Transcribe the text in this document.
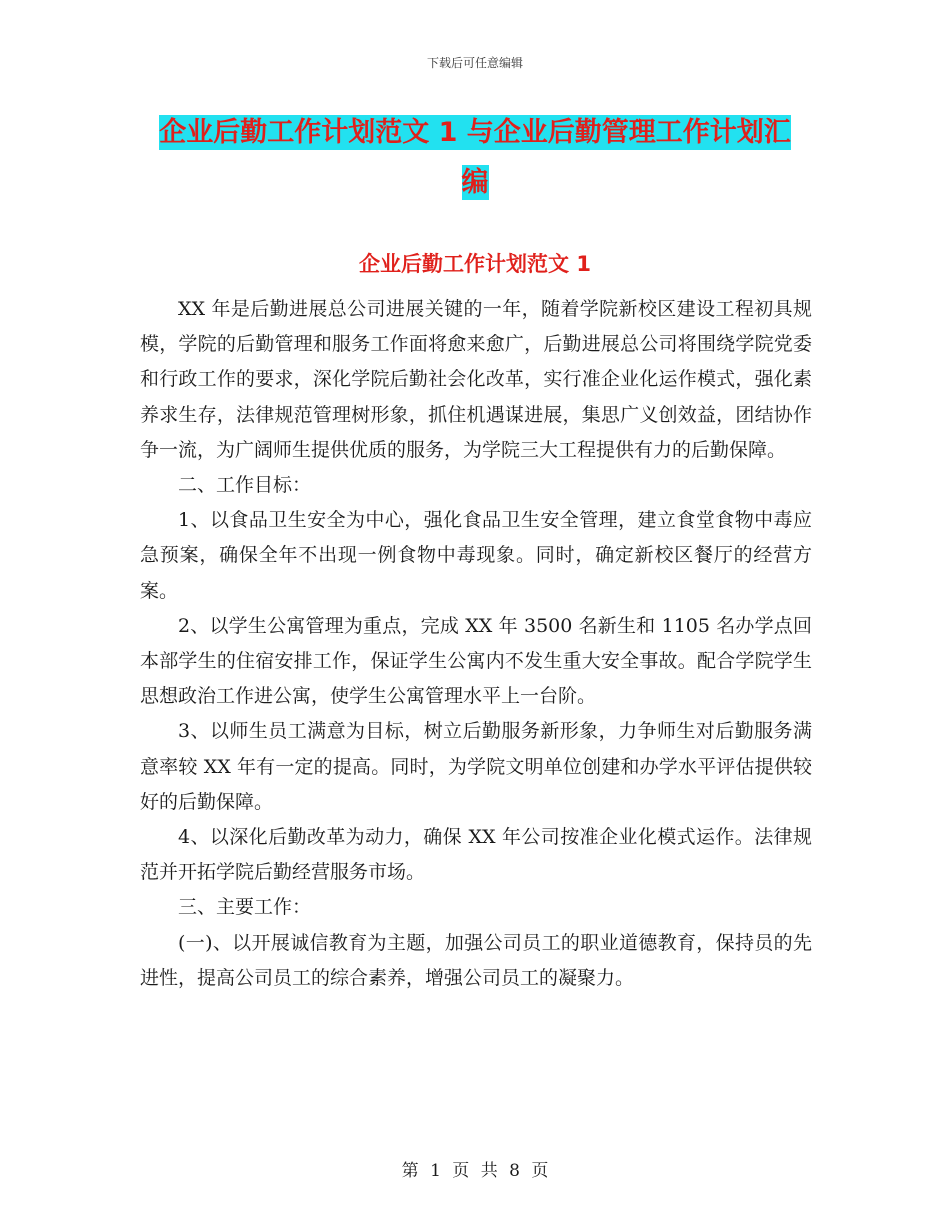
下载后可任意编辑
企业后勤工作计划范文 1 与企业后勤管理工作计划汇
编
企业后勤工作计划范文 1

XX 年是后勤进展总公司进展关键的一年，随着学院新校区建设工程初具规模，学院的后勤管理和服务工作面将愈来愈广，后勤进展总公司将围绕学院党委和行政工作的要求，深化学院后勤社会化改革，实行准企业化运作模式，强化素养求生存，法律规范管理树形象，抓住机遇谋进展，集思广义创效益，团结协作争一流，为广阔师生提供优质的服务，为学院三大工程提供有力的后勤保障。

二、工作目标：

1、以食品卫生安全为中心，强化食品卫生安全管理，建立食堂食物中毒应急预案，确保全年不出现一例食物中毒现象。同时，确定新校区餐厅的经营方案。

2、以学生公寓管理为重点，完成 XX 年 3500 名新生和 1105 名办学点回本部学生的住宿安排工作，保证学生公寓内不发生重大安全事故。配合学院学生思想政治工作进公寓，使学生公寓管理水平上一台阶。

3、以师生员工满意为目标，树立后勤服务新形象，力争师生对后勤服务满意率较 XX 年有一定的提高。同时，为学院文明单位创建和办学水平评估提供较好的后勤保障。

4、以深化后勤改革为动力，确保 XX 年公司按准企业化模式运作。法律规范并开拓学院后勤经营服务市场。

三、主要工作：

(一)、以开展诚信教育为主题，加强公司员工的职业道德教育，保持员的先进性，提高公司员工的综合素养，增强公司员工的凝聚力。

第 1 页 共 8 页
